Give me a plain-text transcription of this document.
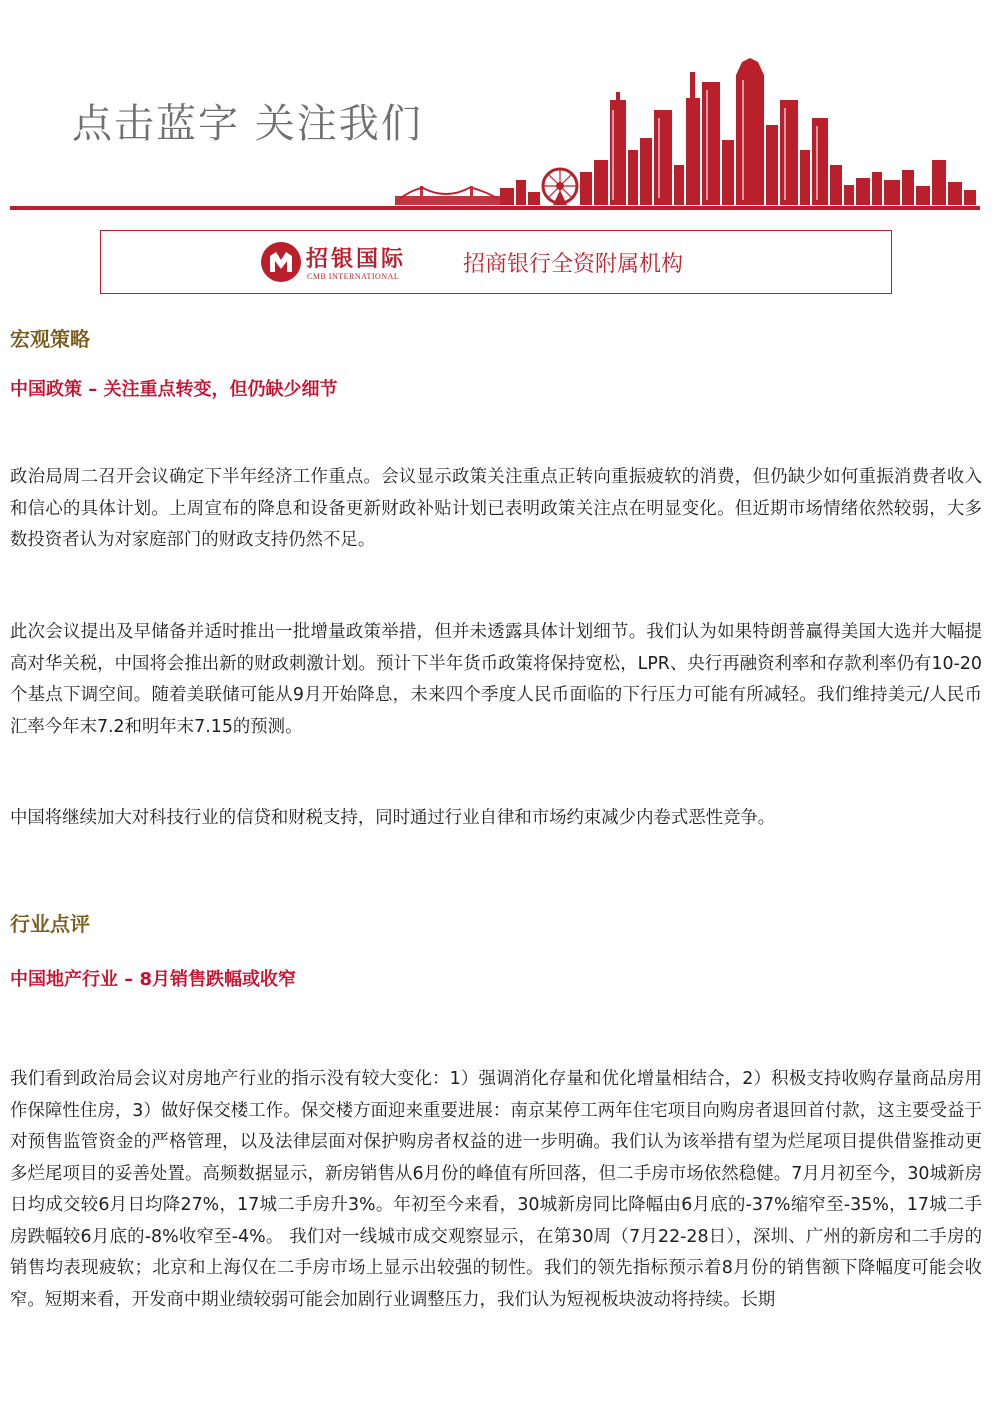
点击蓝字 关注我们
招银国际
CMB INTERNATIONAL	招商银行全资附属机构
宏观策略
中国政策 – 关注重点转变，但仍缺少细节
政治局周二召开会议确定下半年经济工作重点。会议显示政策关注重点正转向重振疲软的消费，但仍缺少如何重振消费者收入和信心的具体计划。上周宣布的降息和设备更新财政补贴计划已表明政策关注点在明显变化。但近期市场情绪依然较弱，大多数投资者认为对家庭部门的财政支持仍然不足。
此次会议提出及早储备并适时推出一批增量政策举措，但并未透露具体计划细节。我们认为如果特朗普赢得美国大选并大幅提高对华关税，中国将会推出新的财政刺激计划。预计下半年货币政策将保持宽松，LPR、央行再融资利率和存款利率仍有10-20个基点下调空间。随着美联储可能从9月开始降息，未来四个季度人民币面临的下行压力可能有所减轻。我们维持美元/人民币汇率今年末7.2和明年末7.15的预测。
中国将继续加大对科技行业的信贷和财税支持，同时通过行业自律和市场约束减少内卷式恶性竞争。
行业点评
中国地产行业 – 8月销售跌幅或收窄
我们看到政治局会议对房地产行业的指示没有较大变化：1）强调消化存量和优化增量相结合，2）积极支持收购存量商品房用作保障性住房，3）做好保交楼工作。保交楼方面迎来重要进展：南京某停工两年住宅项目向购房者退回首付款，这主要受益于对预售监管资金的严格管理，以及法律层面对保护购房者权益的进一步明确。我们认为该举措有望为烂尾项目提供借鉴推动更多烂尾项目的妥善处置。高频数据显示，新房销售从6月份的峰值有所回落，但二手房市场依然稳健。7月月初至今，30城新房日均成交较6月日均降27%，17城二手房升3%。年初至今来看，30城新房同比降幅由6月底的-37%缩窄至-35%，17城二手房跌幅较6月底的-8%收窄至-4%。 我们对一线城市成交观察显示，在第30周（7月22-28日），深圳、广州的新房和二手房的销售均表现疲软；北京和上海仅在二手房市场上显示出较强的韧性。我们的领先指标预示着8月份的销售额下降幅度可能会收窄。短期来看，开发商中期业绩较弱可能会加剧行业调整压力，我们认为短视板块波动将持续。长期
